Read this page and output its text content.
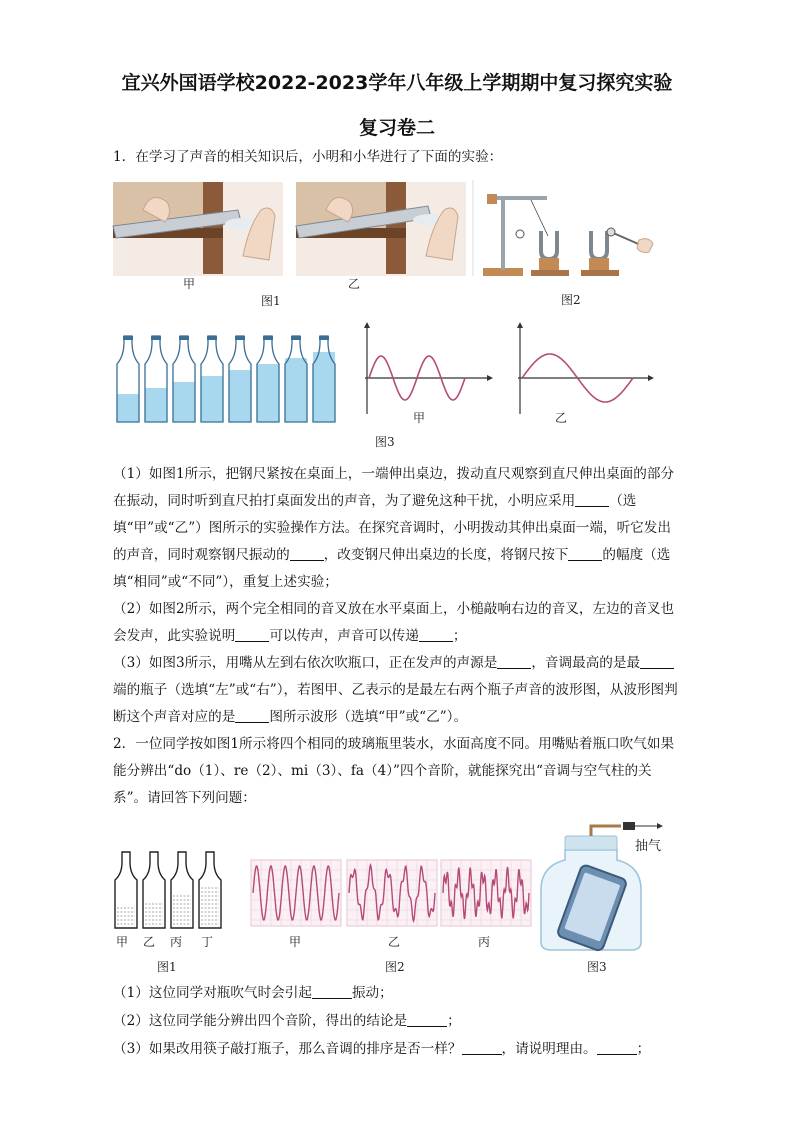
宜兴外国语学校2022-2023学年八年级上学期期中复习探究实验
复习卷二

1．在学习了声音的相关知识后，小明和小华进行了下面的实验：

甲	乙
图1	图2
甲	乙
图3

（1）如图1所示，把钢尺紧按在桌面上，一端伸出桌边，拨动直尺观察到直尺伸出桌面的部分在振动，同时听到直尺拍打桌面发出的声音，为了避免这种干扰，小明应采用	（选填“甲”或“乙”）图所示的实验操作方法。在探究音调时，小明拨动其伸出桌面一端，听它发出的声音，同时观察钢尺振动的	，改变钢尺伸出桌边的长度，将钢尺按下	的幅度（选填“相同”或“不同”），重复上述实验；

（2）如图2所示，两个完全相同的音叉放在水平桌面上，小槌敲响右边的音叉，左边的音叉也会发声，此实验说明	可以传声，声音可以传递	；

（3）如图3所示，用嘴从左到右依次吹瓶口，正在发声的声源是	，音调最高的是最端的瓶子（选填“左”或“右”），若图甲、乙表示的是最左右两个瓶子声音的波形图，从波形图判断这个声音对应的是	图所示波形（选填“甲”或“乙”）。

2．一位同学按如图1所示将四个相同的玻璃瓶里装水，水面高度不同。用嘴贴着瓶口吹气如果能分辨出“do（1）、re（2）、mi（3）、fa（4）”四个音阶，就能探究出“音调与空气柱的关系”。请回答下列问题：

甲 乙 丙 丁
图1
甲	乙	丙
图2
抽气
图3

（1）这位同学对瓶吹气时会引起	振动；

（2）这位同学能分辨出四个音阶，得出的结论是	；

（3）如果改用筷子敲打瓶子，那么音调的排序是否一样？	，请说明理由。	；
